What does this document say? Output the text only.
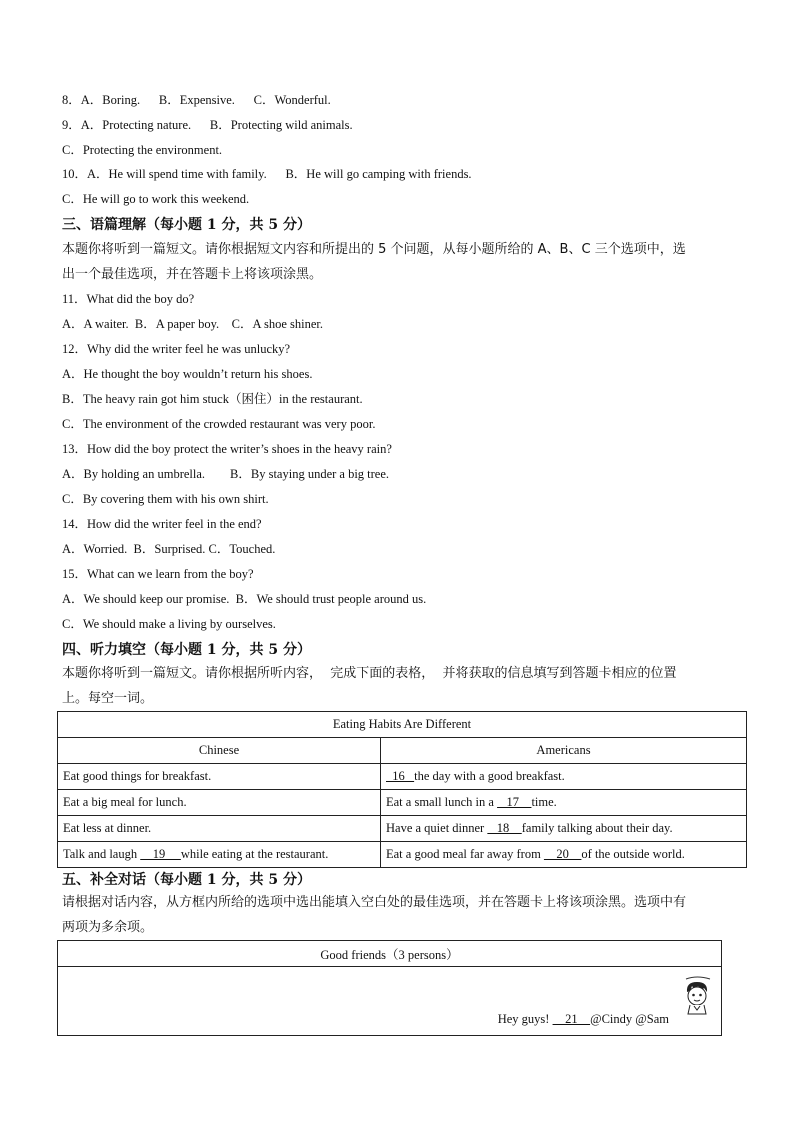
8．A．Boring.      B．Expensive.      C．Wonderful.
9．A．Protecting nature.      B．Protecting wild animals.
C．Protecting the environment.
10．A．He will spend time with family.      B．He will go camping with friends.
C．He will go to work this weekend.
三、语篇理解（每小题 1 分，共 5 分）
本题你将听到一篇短文。请你根据短文内容和所提出的 5 个问题，从每小题所给的 A、B、C 三个选项中，选
出一个最佳选项，并在答题卡上将该项涂黑。
11．What did the boy do?
A．A waiter.  B．A paper boy.    C．A shoe shiner.
12．Why did the writer feel he was unlucky?
A．He thought the boy wouldn’t return his shoes.
B．The heavy rain got him stuck（困住）in the restaurant.
C．The environment of the crowded restaurant was very poor.
13．How did the boy protect the writer’s shoes in the heavy rain?
A．By holding an umbrella.        B．By staying under a big tree.
C．By covering them with his own shirt.
14．How did the writer feel in the end?
A．Worried.  B．Surprised. C．Touched.
15．What can we learn from the boy?
A．We should keep our promise.  B．We should trust people around us.
C．We should make a living by ourselves.
四、听力填空（每小题 1 分，共 5 分）
本题你将听到一篇短文。请你根据所听内容，  完成下面的表格，  并将获取的信息填写到答题卡相应的位置
上。每空一词。
Eating Habits Are Different	
Chinese	Americans
Eat good things for breakfast.	16   the day with a good breakfast.
Eat a big meal for lunch.	Eat a small lunch in a    17    time.
Eat less at dinner.	Have a quiet dinner    18    family talking about their day.
Talk and laugh     19     while eating at the restaurant.	Eat a good meal far away from     20    of the outside world.
五、补全对话（每小题 1 分，共 5 分）
请根据对话内容，从方框内所给的选项中选出能填入空白处的最佳选项，并在答题卡上将该项涂黑。选项中有
两项为多余项。
Good friends（3 persons）
Hey guys!     21    @Cindy @Sam
